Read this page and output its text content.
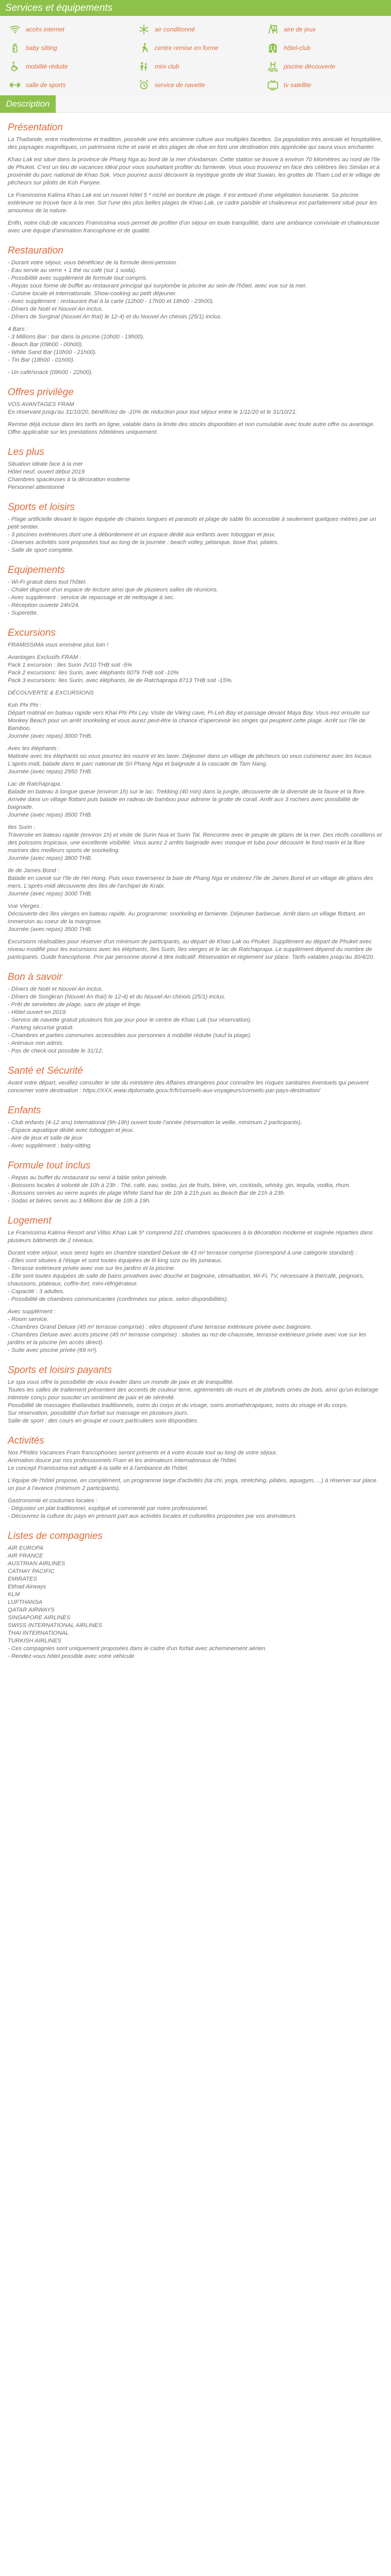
Services et équipements
accès internet	air conditionné	aire de jeux
baby sitting	centre remise en forme	hôtel-club
mobilité réduite	mini club	piscine découverte
salle de sports	service de navette	tv satellite
Description
Présentation

La Thaïlande, entre modernisme et tradition, possède une très ancienne culture aux multiples facettes. Sa population très amicale et hospitalière, des paysages magnifiques, un patrimoine riche et varié et des plages de rêve en font une destination très appréciée qui saura vous enchanter.

Khao Lak est situé dans la province de Phang Nga au bord de la mer d'Andaman. Cette station se trouve à environ 70 kilomètres au nord de l'île de Phuket. C'est un lieu de vacances idéal pour vous souhaitant profiter du farniente. Vous vous trouverez en face des célèbres îles Similan et à proximité du parc national de Khao Sok. Vous pourrez aussi découvrir la mystique grotte de Wat Suwan, les grottes de Tham Lod et le village de pêcheurs sur pilotis de Koh Panyee.

Le Framissima Kalima Khao Lak est un nouvel hôtel 5 * niché en bordure de plage. Il est entouré d'une végétation luxuriante. Sa piscine extérieure se trouve face à la mer. Sur l'une des plus belles plages de Khao Lak, ce cadre paisible et chaleureux est parfaitement situé pour les amoureux de la nature.

Enfin, notre club de vacances Framissima vous permet de profiter d'un séjour en toute tranquillité, dans une ambiance conviviale et chaleureuse avec une équipe d'animation francophone et de qualité.

Restauration
- Durant votre séjour, vous bénéficiez de la formule demi-pension.
- Eau servie au verre + 1 thé ou café (sur 1 soda).
- Possibilité avec supplément de formule tout compris.
- Repas sous forme de buffet au restaurant principal qui surplombe la piscine au sein de l'hôtel, avec vue sur la mer.
- Cuisine locale et internationale. Show-cooking au petit déjeuner.
- Avec supplément : restaurant thaï à la carte (12h00 - 17h00 et 18h00 - 23h00).
- Dîners de Noël et Nouvel An inclus.
- Dîners de Sorginal (Nouvel An thaï) le 12-4) et du Nouvel An chinois (25/1) inclus.
4 Bars :
- 3 Millions Bar : bar dans la piscine (10h00 - 19h00).
- Beach Bar (09h00 - 00h00).
- White Sand Bar (10h00 - 21h00).
- Tin Bar (18h00 - 01h00).
- Un café/snack (09h00 - 22h00).
Offres privilège
VOS AVANTAGES FRAM
En réservant jusqu'au 31/10/20, bénéficiez de -10% de réduction pour tout séjour entre le 1/11/20 et le 31/10/21.
Remise déjà incluse dans les tarifs en ligne, valable dans la limite des stocks disponibles et non cumulable avec toute autre offre ou avantage. Offre applicable sur les prestations hôtelières uniquement.
Les plus
Situation idéale face à la mer
Hôtel neuf, ouvert début 2019
Chambres spacieuses à la décoration moderne
Personnel attentionné
Sports et loisirs
- Plage artificielle devant le lagon équipée de chaises longues et parasols et plage de sable fin accessible à seulement quelques mètres par un petit sentier.
- 3 piscines extérieures dont une à débordement et un espace dédié aux enfants avec toboggan et jeux.
- Diverses activités sont proposées tout au long de la journée : beach volley, pétanque, boxe thaï, pilates.
- Salle de sport complète.
Equipements
- Wi-Fi gratuit dans tout l'hôtel.
- Chalet disposé d'un espace de lecture ainsi que de plusieurs salles de réunions.
- Avec supplément : service de repassage et de nettoyage à sec.
- Réception ouverte 24h/24.
- Superette.
Excursions
FRAMISSIMA vous emmène plus loin !
Avantages Exclusifs FRAM :
Pack 1 excursion : Iles Surin JV10 THB soit -5%
Pack 2 excursions: Iles Surin, avec éléphants 6079 THB soit -10%
Pack 3 excursions: Iles Surin, avec éléphants, Ile de Ratchaprapa 8713 THB soit -15%.
DÉCOUVERTE & EXCURSIONS
Koh Phi Phi :
Départ matinal en bateau rapide vers Khai Phi Phi Ley. Visite de Viking cave, Pi-Leh Bay et passage devant Maya Bay. Vous irez ensuite sur Monkey Beach pour un arrêt snorkeling et vous aurez peut-être la chance d'apercevoir les singes qui peuplent cette plage. Arrêt sur l'île de Bamboo.
Journée (avec repas) 3000 THB.
Avec les éléphants :
Matinée avec les éléphants où vous pourrez les nourrir et les laver. Déjeuner dans un village de pêcheurs où vous cuisinerez avec les locaux. L'après-midi, balade dans le parc national de Sri Phang Nga et baignade à la cascade de Tam Nang.
Journée (avec repas) 2950 THB.
Lac de Ratchaprapa :
Balade en bateau à longue queue (environ 1h) sur le lac. Trekking (40 min) dans la jungle, découverte de la diversité de la faune et la flore. Arrivée dans un village flottant puis balade en radeau de bambou pour admirer la grotte de corail. Arrêt aux 3 rochers avec possibilité de baignade.
Journée (avec repas) 3500 THB.
Iles Surin :
Traversée en bateau rapide (environ 1h) et visite de Surin Nua et Surin Tai. Rencontre avec le peuple de gitans de la mer. Des récifs coralliens et des poissons tropicaux, une excellente visibilité. Vous aurez 2 arrêts baignade avec masque et tuba pour découvrir le fond marin et la flore marines des meilleurs sports de snorkeling.
Journée (avec repas) 3800 THB.
Ile de James Bond :
Balade en canoë sur l'île de Hin Hong. Puis vous traverserez la baie de Phang Nga et visiterez l'île de James Bond et un village de gitans des mers. L'après-midi découverte des îles de l'archipel de Krabi.
Journée (avec repas) 3000 THB.
Vue Vierges :
Découverte des îles vierges en bateau rapide. Au programme: snorkeling et farniente. Déjeuner barbecue. Arrêt dans un village flottant, en immersion au coeur de la mangrove.
Journée (avec repas) 3500 THB.
Excursions réalisables pour réserver d'un minimum de participants, au départ de Khao Lak ou Phuket. Supplément au départ de Phuket avec niveau modifié pour les excursions avec les éléphants, îles Surin, îles vierges et le lac de Ratchaprapa. Le supplément dépend du nombre de participants. Guide francophone. Prix par personne donné à titre indicatif. Réservation et règlement sur place. Tarifs valables jusqu'au 30/4/20.
Bon à savoir
- Dîners de Noël et Nouvel An inclus.
- Dîners de Songkran (Nouvel An thaï) le 12-4) et du Nouvel An chinois (25/1) inclus.
- Prêt de serviettes de plage, sacs de plage et linge.
- Hôtel ouvert en 2019.
- Service de navette gratuit plusieurs fois par jour pour le centre de Khao Lak (sur réservation).
- Parking sécurisé gratuit.
- Chambres et parties communes accessibles aux personnes à mobilité réduite (sauf la plage).
- Animaux non admis.
- Pas de check-out possible le 31/12.
Santé et Sécurité
Avant votre départ, veuillez consulter le site du ministère des Affaires étrangères pour connaître les risques sanitaires éventuels qui peuvent concerner votre destination : https://XXX.www.diplomatie.gouv.fr/fr/conseils-aux-voyageurs/conseils-par-pays-destination/
Enfants
- Club enfants (4-12 ans) international (9h-19h) ouvert toute l'année (réservation la veille, minimum 2 participants).
- Espace aquatique dédié avec toboggan et jeux.
- Aire de jeux et salle de jeux
- Avec supplément : baby-sitting.
Formule tout inclus
- Repas au buffet du restaurant ou servi à table selon période.
- Boissons locales à volonté de 10h à 23h : Thé, café, eau, sodas, jus de fruits, bière, vin, cocktails, whisky, gin, tequila, vodka, rhum.
- Boissons servies au verre auprès de plage White Sand bar de 10h à 21h puis au Beach Bar de 21h à 23h.
- Sodas et bières servis au 3 Millions Bar de 10h à 19h.
Logement
Le Framissima Kalima Resort and Villas Khao Lak 5* comprend 231 chambres spacieuses à la décoration moderne et soignée réparties dans plusieurs bâtiments de 2 niveaux.
Durant votre séjour, vous serez logés en chambre standard Deluxe de 43 m² terrasse comprise (correspond à une catégorie standard) :
- Elles sont situées à l'étage et sont toutes équipées de lit king size ou lits jumeaux.
- Terrasse extérieure privée avec vue sur les jardins et la piscine.
- Elle sont toutes équipées de salle de bains privatives avec douche et baignoire, climatisation, Wi-Fi, TV, nécessaire à thé/café, peignoirs, chaussons, plateaux, coffre-fort, mini-réfrigérateur.
- Capacité : 3 adultes.
- Possibilité de chambres communicantes (confirmées sur place, selon disponibilités).
Avec supplément :
- Room service.
- Chambres Grand Deluxe (45 m² terrasse comprise) : elles disposent d'une terrasse extérieure privée avec baignoire.
- Chambres Deluxe avec accès piscine (45 m² terrasse comprise) : situées au rez-de-chaussée, terrasse extérieure privée avec vue sur les jardins et la piscine (en accès direct).
- Suite avec piscine privée (69 m²).
Sports et loisirs payants
Le spa vous offre la possibilité de vous évader dans un monde de paix et de tranquillité.
Toutes les salles de traitement présentent des accents de couleur terre, agrémentés de murs et de plafonds ornés de bois, ainsi qu'un éclairage intimiste conçu pour susciter un sentiment de paix et de sérénité.
Possibilité de massages thaïlandais traditionnels, soins du corps et du visage, soins aromathérapiques, soins du visage et du corps.
Sur réservation, possibilité d'un forfait sur massage en plusieurs jours.
Salle de sport : des cours en groupe et cours particuliers sont disponibles.
Activités
Nos Pfridès Vacances Fram francophones seront présents et à votre écoute tout au long de votre séjour.
Animation douce par nos professionnels Fram et les animateurs internationaux de l'hôtel.
Le concept Framissima est adapté à la taille et à l'ambiance de l'hôtel.
L'équipe de l'hôtel propose, en complément, un programme large d'activités (tai chi, yoga, stretching, pilates, aquagym, ...) à réserver sur place un jour à l'avance (minimum 2 participants).
Gastronomie et coutumes locales :
- Dégustez un plat traditionnel, expliqué et commenté par notre professionnel.
- Découvrez la culture du pays en prenant part aux activités locales et culturelles proposées par vos animateurs.
Listes de compagnies
AIR EUROPA
AIR FRANCE
AUSTRIAN AIRLINES
CATHAY PACIFIC
EMIRATES
Etihad Airways
KLM
LUFTHANSA
QATAR AIRWAYS
SINGAPORE AIRLINES
SWISS INTERNATIONAL AIRLINES
THAI INTERNATIONAL
TURKISH AIRLINES
- Ces compagnies sont uniquement proposées dans le cadre d'un forfait avec acheminement aérien.
- Rendez-vous hôtel possible avec votre véhicule
